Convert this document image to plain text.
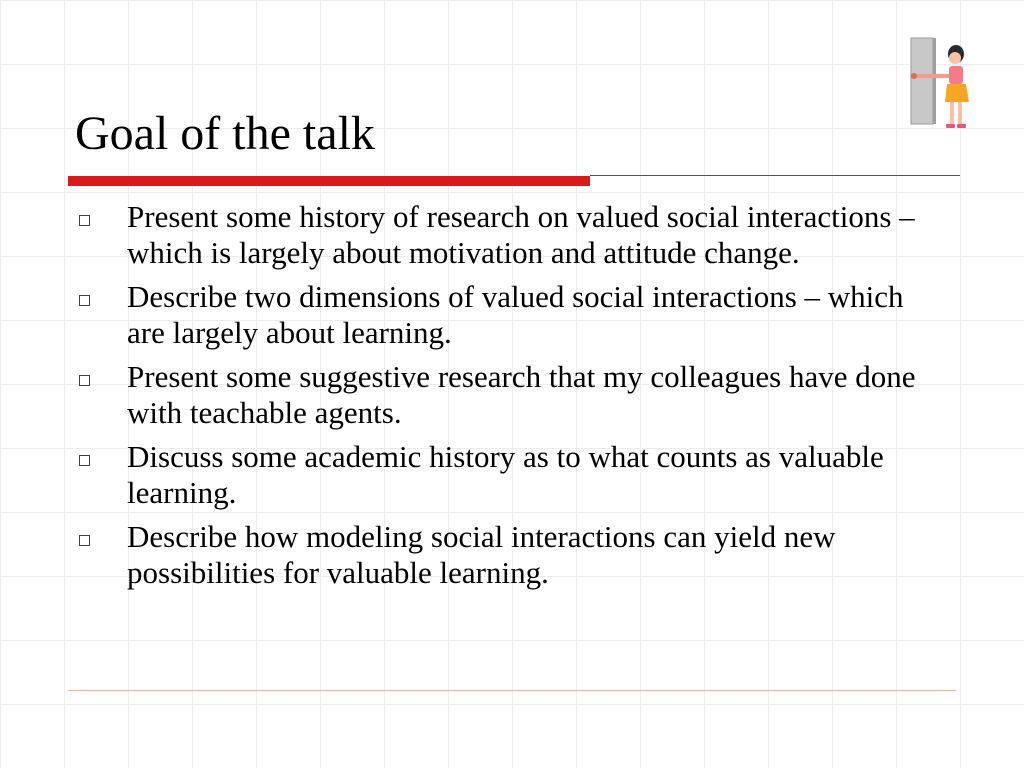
Goal of the talk
Present some history of research on valued social interactions – which is largely about motivation and attitude change.
Describe two dimensions of valued social interactions – which are largely about learning.
Present some suggestive research that my colleagues have done with teachable agents.
Discuss some academic history as to what counts as valuable learning.
Describe how modeling social interactions can yield new possibilities for valuable learning.
